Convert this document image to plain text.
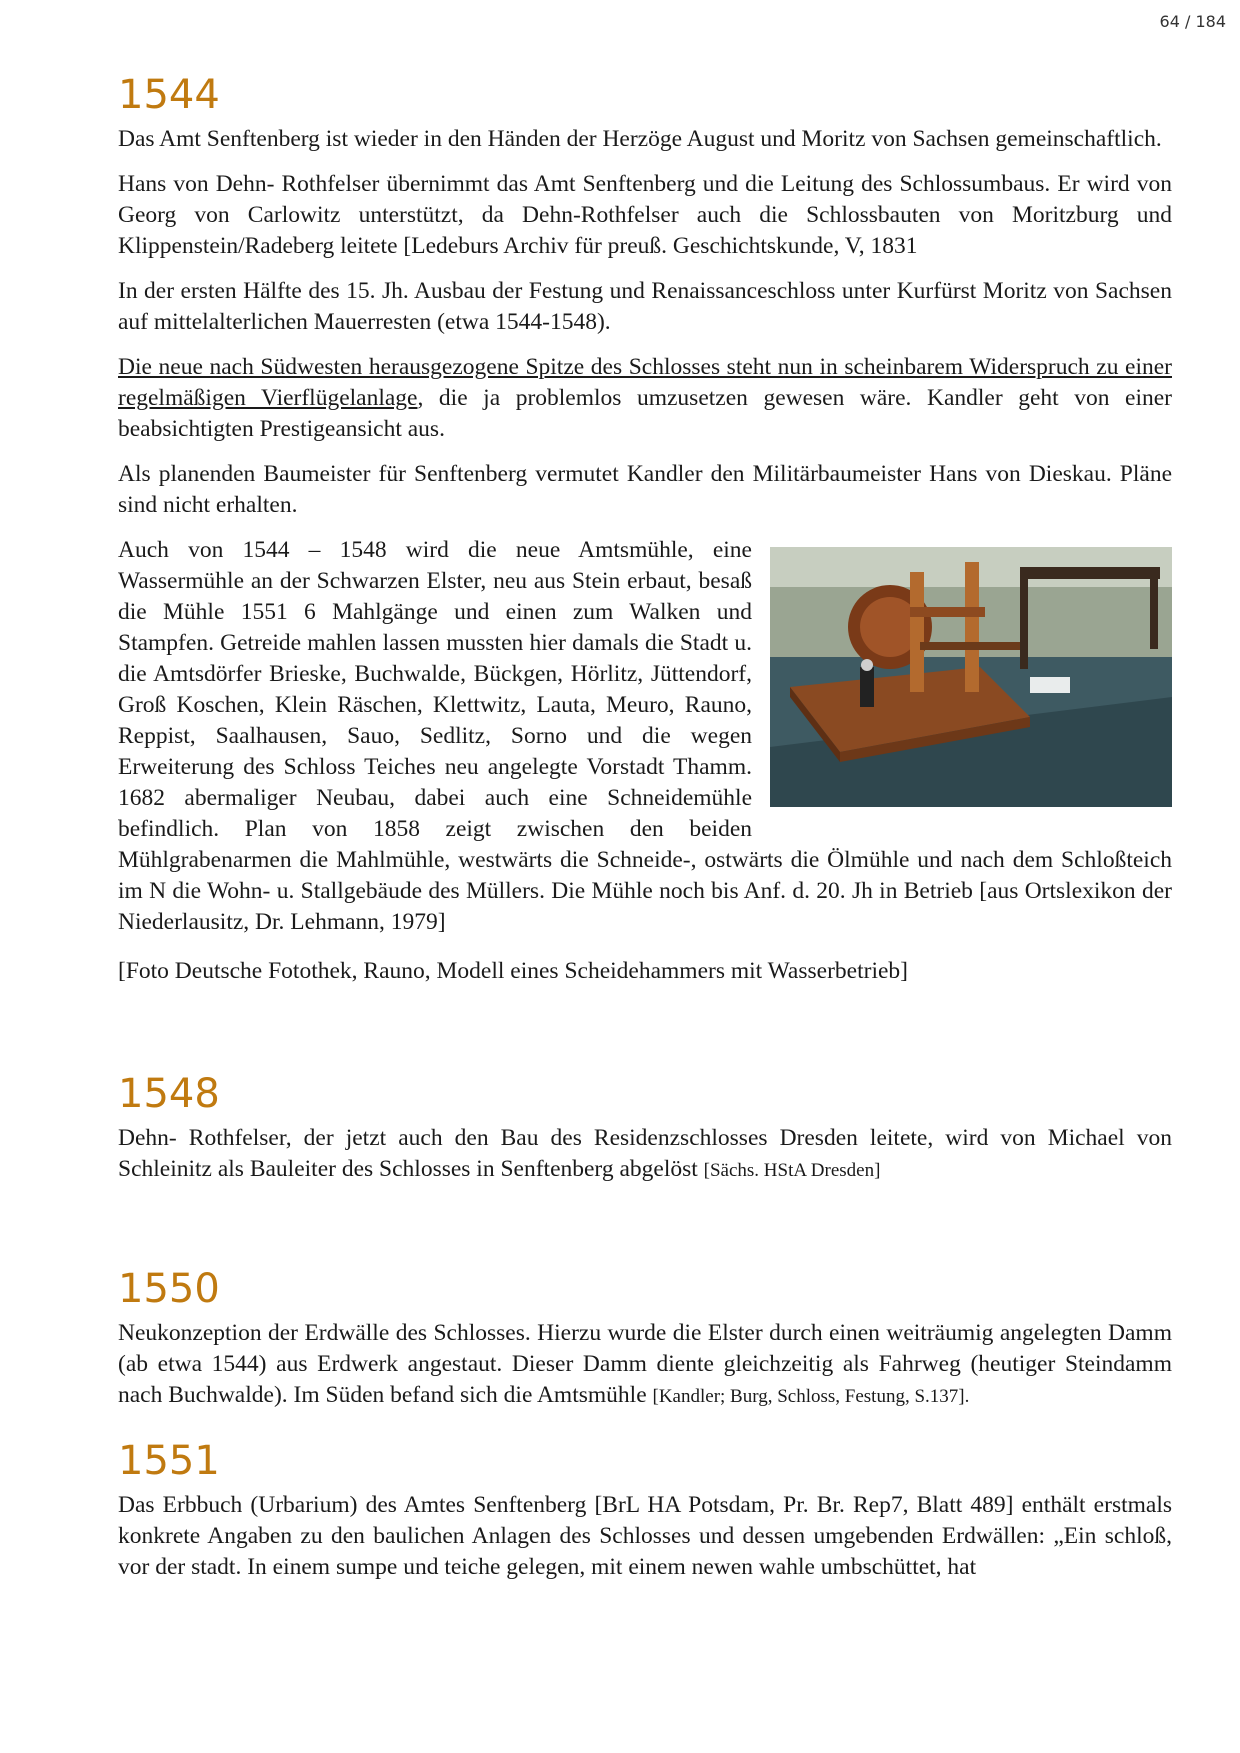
64 / 184
1544

Das Amt Senftenberg ist wieder in den Händen der Herzöge August und Moritz von Sachsen gemeinschaftlich.

Hans von Dehn- Rothfelser übernimmt das Amt Senftenberg und die Leitung des Schlossumbaus. Er wird von Georg von Carlowitz unterstützt, da Dehn-Rothfelser auch die Schlossbauten von Moritzburg und Klippenstein/Radeberg leitete [Ledeburs Archiv für preuß. Geschichtskunde, V, 1831

In der ersten Hälfte des 15. Jh. Ausbau der Festung und Renaissanceschloss unter Kurfürst Moritz von Sachsen auf mittelalterlichen Mauerresten (etwa 1544-1548).

Die neue nach Südwesten herausgezogene Spitze des Schlosses steht nun in scheinbarem Widerspruch zu einer regelmäßigen Vierflügelanlage, die ja problemlos umzusetzen gewesen wäre. Kandler geht von einer beabsichtigten Prestigeansicht aus.

Als planenden Baumeister für Senftenberg vermutet Kandler den Militärbaumeister Hans von Dieskau. Pläne sind nicht erhalten.

Auch von 1544 – 1548 wird die neue Amtsmühle, eine Wassermühle an der Schwarzen Elster, neu aus Stein erbaut, besaß die Mühle 1551 6 Mahlgänge und einen zum Walken und Stampfen. Getreide mahlen lassen mussten hier damals die Stadt u. die Amtsdörfer Brieske, Buchwalde, Bückgen, Hörlitz, Jüttendorf, Groß Koschen, Klein Räschen, Klettwitz, Lauta, Meuro, Rauno, Reppist, Saalhausen, Sauo, Sedlitz, Sorno und die wegen Erweiterung des Schloss Teiches neu angelegte Vorstadt Thamm. 1682 abermaliger Neubau, dabei auch eine Schneidemühle befindlich. Plan von 1858 zeigt zwischen den beiden Mühlgrabenarmen die Mahlmühle, westwärts die Schneide-, ostwärts die Ölmühle und nach dem Schloßteich im N die Wohn- u. Stallgebäude des Müllers. Die Mühle noch bis Anf. d. 20. Jh in Betrieb [aus Ortslexikon der Niederlausitz, Dr. Lehmann, 1979]

[Foto Deutsche Fotothek, Rauno, Modell eines Scheidehammers mit Wasserbetrieb]

1548

Dehn- Rothfelser, der jetzt auch den Bau des Residenzschlosses Dresden leitete, wird von Michael von Schleinitz als Bauleiter des Schlosses in Senftenberg abgelöst [Sächs. HStA Dresden]

1550

Neukonzeption der Erdwälle des Schlosses. Hierzu wurde die Elster durch einen weiträumig angelegten Damm (ab etwa 1544) aus Erdwerk angestaut. Dieser Damm diente gleichzeitig als Fahrweg (heutiger Steindamm nach Buchwalde). Im Süden befand sich die Amtsmühle [Kandler; Burg, Schloss, Festung, S.137].

1551

Das Erbbuch (Urbarium) des Amtes Senftenberg [BrL HA Potsdam, Pr. Br. Rep7, Blatt 489] enthält erstmals konkrete Angaben zu den baulichen Anlagen des Schlosses und dessen umgebenden Erdwällen: „Ein schloß, vor der stadt. In einem sumpe und teiche gelegen, mit einem newen wahle umbschüttet, hat
